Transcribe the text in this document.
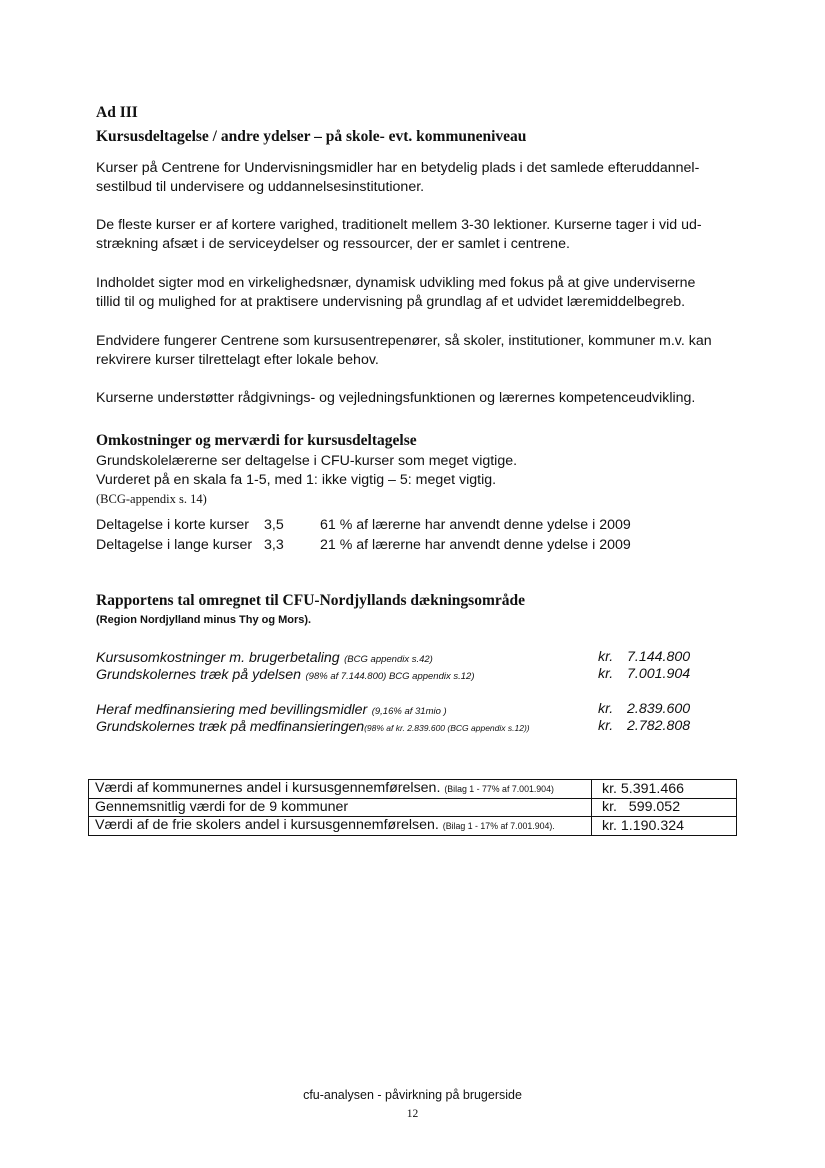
Ad III
Kursusdeltagelse / andre ydelser – på skole- evt. kommuneniveau
Kurser på Centrene for Undervisningsmidler har en betydelig plads i det samlede efteruddannel-
sestilbud til undervisere og uddannelsesinstitutioner.
De fleste kurser er af kortere varighed, traditionelt mellem 3-30 lektioner. Kurserne tager i vid ud-
strækning afsæt i de serviceydelser og ressourcer, der er samlet i centrene.
Indholdet sigter mod en virkelighedsnær, dynamisk udvikling med fokus på at give underviserne
tillid til og mulighed for at praktisere undervisning på grundlag af et udvidet læremiddelbegreb.
Endvidere fungerer Centrene som kursusentrepenører, så skoler, institutioner, kommuner m.v. kan
rekvirere kurser tilrettelagt efter lokale behov.
Kurserne understøtter rådgivnings- og vejledningsfunktionen og lærernes kompetenceudvikling.
Omkostninger og merværdi for kursusdeltagelse
Grundskolelærerne ser deltagelse i CFU-kurser som meget vigtige.
Vurderet på en skala fa 1-5, med 1: ikke vigtig – 5: meget vigtig.
(BCG-appendix s. 14)
Deltagelse i korte kurser 3,5	61 % af lærerne har anvendt denne ydelse i 2009
Deltagelse i lange kurser 3,3	21 % af lærerne har anvendt denne ydelse i 2009
Rapportens tal omregnet til CFU-Nordjyllands dækningsområde
(Region Nordjylland minus Thy og Mors).
Kursusomkostninger m. brugerbetaling (BCG appendix s.42)	kr. 7.144.800
Grundskolernes træk på ydelsen (98% af 7.144.800) BCG appendix s.12)	kr. 7.001.904
Heraf medfinansiering med bevillingsmidler (9,16% af 31mio )	kr. 2.839.600
Grundskolernes træk på medfinansieringen(98% af kr. 2.839.600 (BCG appendix s.12))	kr. 2.782.808
Værdi af kommunernes andel i kursusgennemførelsen. (Bilag 1 - 77% af 7.001.904)	kr. 5.391.466
Gennemsnitlig værdi for de 9 kommuner	kr.   599.052
Værdi af de frie skolers andel i kursusgennemførelsen. (Bilag 1 - 17% af 7.001.904).	kr. 1.190.324
cfu-analysen - påvirkning på brugerside
12
